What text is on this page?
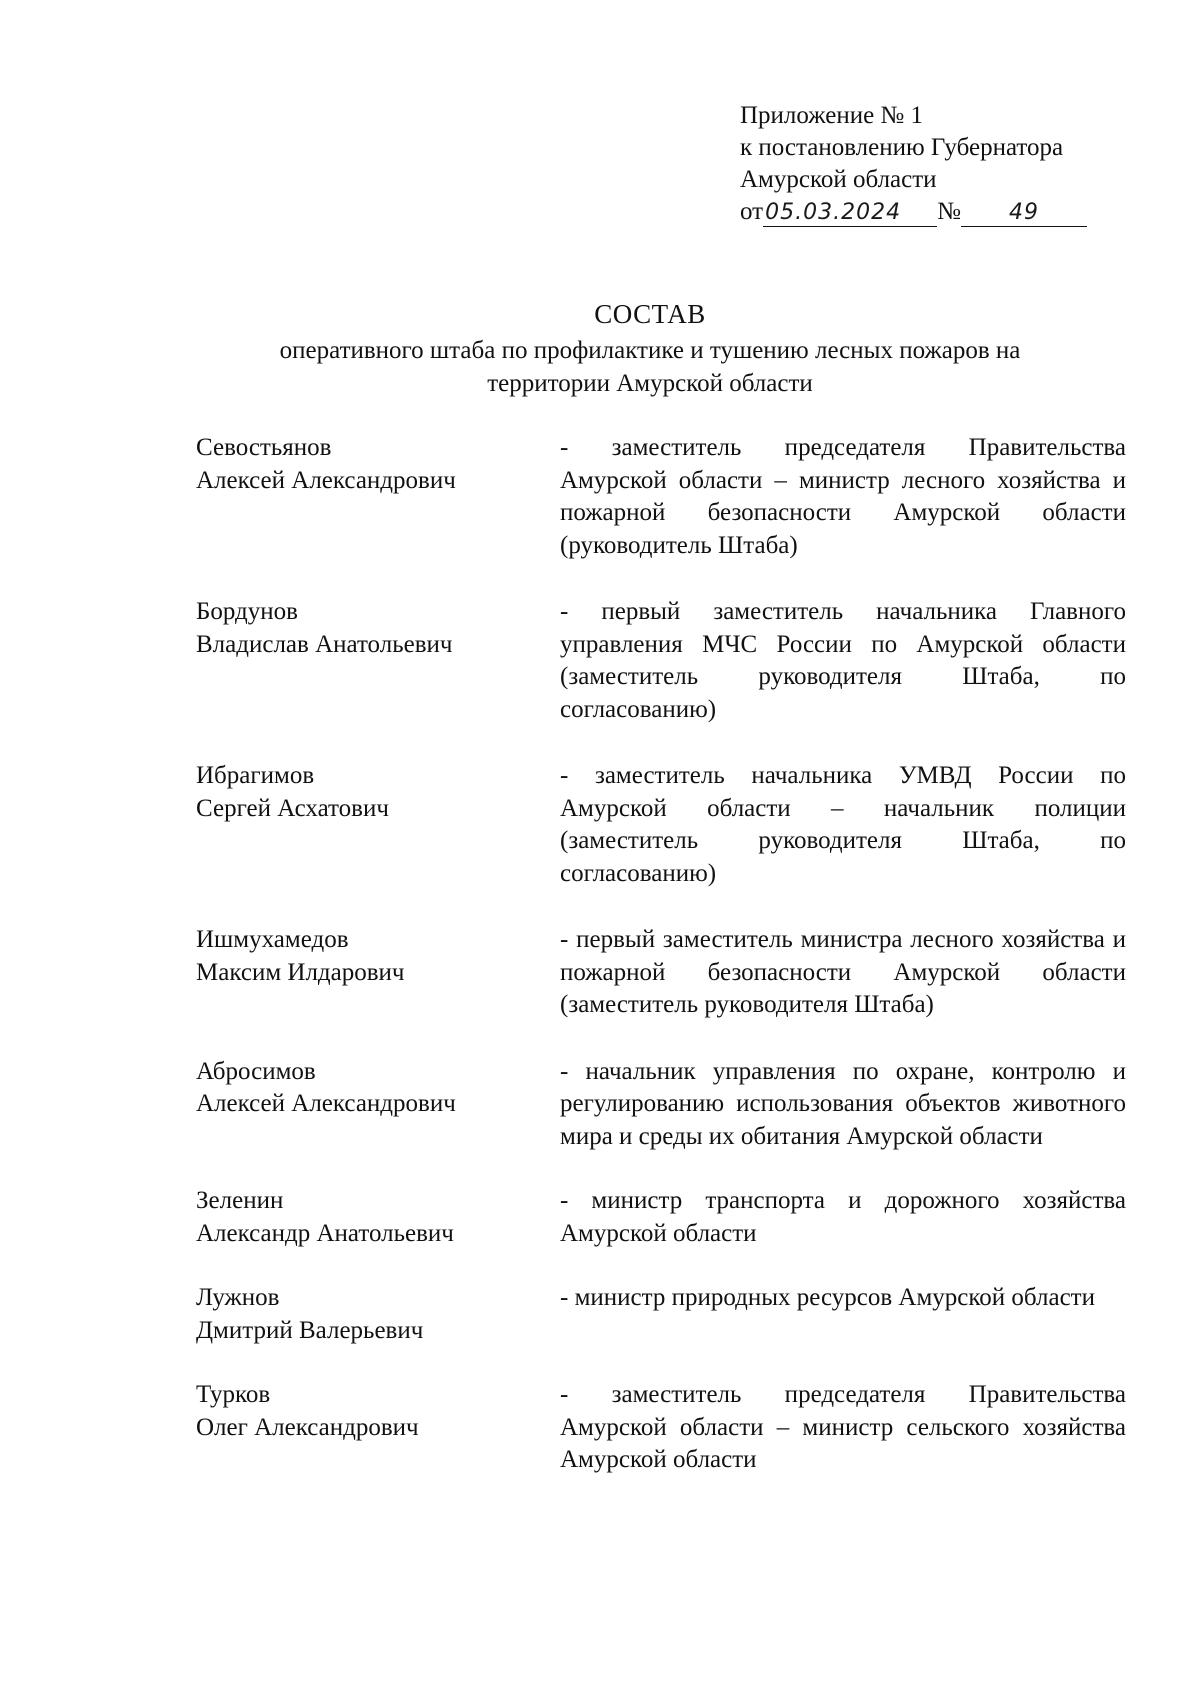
Приложение № 1
к постановлению Губернатора
Амурской области
от05.03.2024 № 49
СОСТАВ
оперативного штаба по профилактике и тушению лесных пожаров на
территории Амурской области
Севостьянов
Алексей Александрович
- заместитель председателя Правительства Амурской области – министр лесного хозяйства и пожарной безопасности Амурской области (руководитель Штаба)
Бордунов
Владислав Анатольевич
- первый заместитель начальника Главного управления МЧС России по Амурской области (заместитель руководителя Штаба, по согласованию)
Ибрагимов
Сергей Асхатович
- заместитель начальника УМВД России по Амурской области – начальник полиции (заместитель руководителя Штаба, по согласованию)
Ишмухамедов
Максим Илдарович
- первый заместитель министра лесного хозяйства и пожарной безопасности Амурской области (заместитель руководителя Штаба)
Абросимов
Алексей Александрович
- начальник управления по охране, контролю и регулированию использования объектов животного мира и среды их обитания Амурской области
Зеленин
Александр Анатольевич
- министр транспорта и дорожного хозяйства Амурской области
Лужнов
Дмитрий Валерьевич
- министр природных ресурсов Амурской области
Турков
Олег Александрович
- заместитель председателя Правительства Амурской области – министр сельского хозяйства Амурской области
